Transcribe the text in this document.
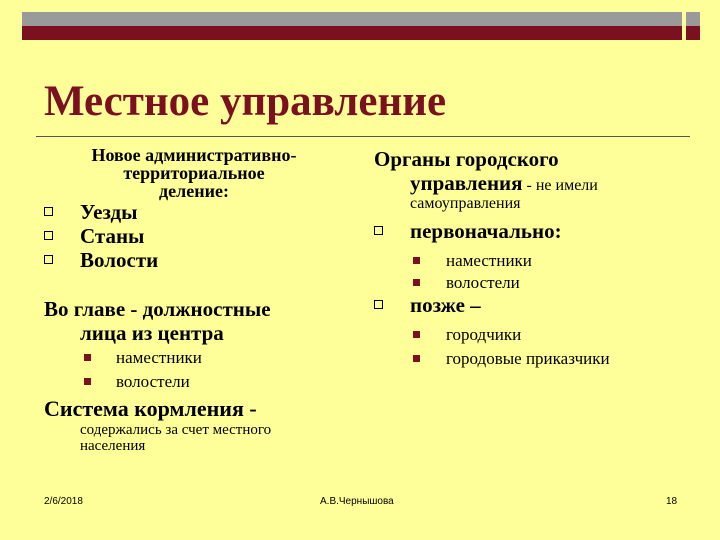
Местное управление
Новое административно-
территориальное
деление:
Уезды
Станы
Волости
Во главе - должностные
лица из центра
наместники
волостели
Система кормления -
содержались за счет местного
населения
Органы городского
управления - не имели
самоуправления
первоначально:
наместники
волостели
позже –
городчики
городовые приказчики
2/6/2018	А.В.Чернышова	18
